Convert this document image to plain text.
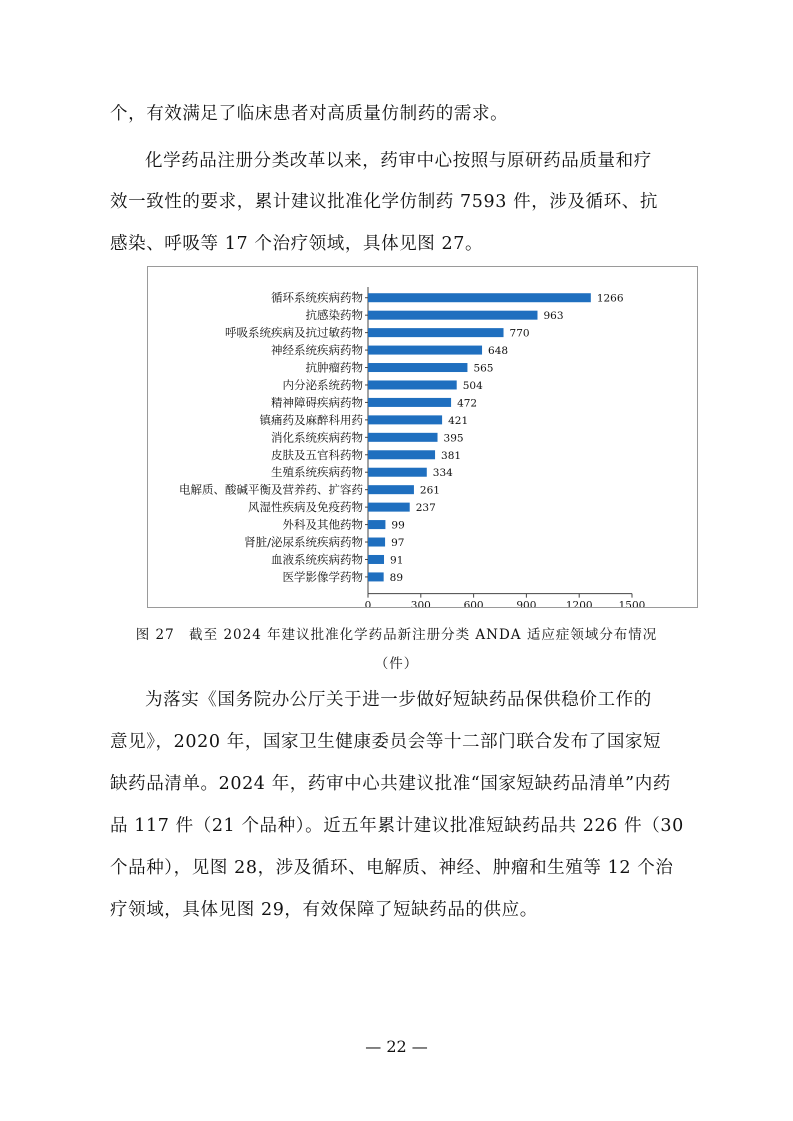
个，有效满足了临床患者对高质量仿制药的需求。
化学药品注册分类改革以来，药审中心按照与原研药品质量和疗
效一致性的要求，累计建议批准化学仿制药 7593 件，涉及循环、抗
感染、呼吸等 17 个治疗领域，具体见图 27。
循环系统疾病药物	1266
抗感染药物	963
呼吸系统疾病及抗过敏药物	770
神经系统疾病药物	648
抗肿瘤药物	565
内分泌系统药物	504
精神障碍疾病药物	472
镇痛药及麻醉科用药	421
消化系统疾病药物	395
皮肤及五官科药物	381
生殖系统疾病药物	334
电解质、酸碱平衡及营养药、扩容药	261
风湿性疾病及免疫药物	237
外科及其他药物	99
肾脏/泌尿系统疾病药物	97
血液系统疾病药物	91
医学影像学药物	89
0	300	600	900	1200 1500
图 27　截至 2024 年建议批准化学药品新注册分类 ANDA 适应症领域分布情况
（件）
为落实《国务院办公厅关于进一步做好短缺药品保供稳价工作的
意见》，2020 年，国家卫生健康委员会等十二部门联合发布了国家短
缺药品清单。2024 年，药审中心共建议批准“国家短缺药品清单”内药
品 117 件（21 个品种）。近五年累计建议批准短缺药品共 226 件（30
个品种），见图 28，涉及循环、电解质、神经、肿瘤和生殖等 12 个治
疗领域，具体见图 29，有效保障了短缺药品的供应。
— 22 —
